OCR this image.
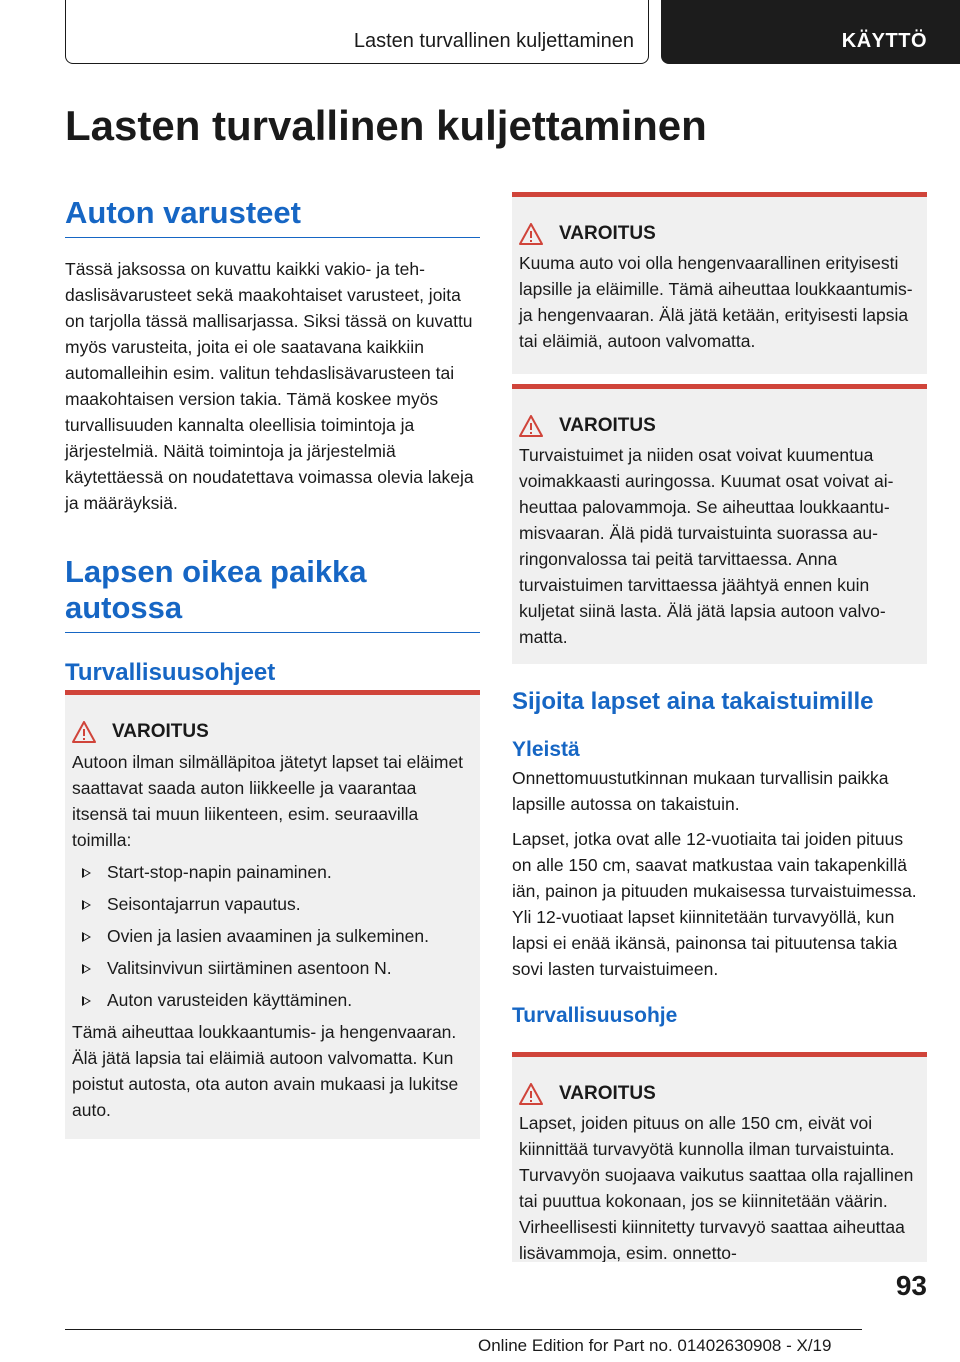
Lasten turvallinen kuljettaminen	KÄYTTÖ
Lasten turvallinen kuljettaminen
Auton varusteet

Tässä jaksossa on kuvattu kaikki vakio- ja tehdaslisävarusteet sekä maakohtaiset varusteet, joita on tarjolla tässä mallisarjassa. Siksi tässä on kuvattu myös varusteita, joita ei ole saatavana kaikkiin automalleihin esim. valitun tehdaslisävarusteen tai maakohtaisen version takia. Tämä koskee myös turvallisuuden kannalta oleellisia toimintoja ja järjestelmiä. Näitä toimintoja ja järjestelmiä käytettäessä on noudatettava voimassa olevia lakeja ja määräyksiä.

Lapsen oikea paikka autossa
Turvallisuusohjeet
VAROITUS

Autoon ilman silmälläpitoa jätetyt lapset tai eläimet saattavat saada auton liikkeelle ja vaarantaa itsensä tai muun liikenteen, esim. seuraavilla toimilla:

Start-stop-napin painaminen.
Seisontajarrun vapautus.
Ovien ja lasien avaaminen ja sulkeminen.
Valitsinvivun siirtäminen asentoon N.
Auton varusteiden käyttäminen.

Tämä aiheuttaa loukkaantumis- ja hengenvaaran. Älä jätä lapsia tai eläimiä autoon valvomatta. Kun poistut autosta, ota auton avain mukaasi ja lukitse auto.

VAROITUS

Kuuma auto voi olla hengenvaarallinen erityisesti lapsille ja eläimille. Tämä aiheuttaa loukkaantumis- ja hengenvaaran. Älä jätä ketään, erityisesti lapsia tai eläimiä, autoon valvomatta.

VAROITUS

Turvaistuimet ja niiden osat voivat kuumentua voimakkaasti auringossa. Kuumat osat voivat aiheuttaa palovammoja. Se aiheuttaa loukkaantumisvaaran. Älä pidä turvaistuinta suorassa auringonvalossa tai peitä tarvittaessa. Anna turvaistuimen tarvittaessa jäähtyä ennen kuin kuljetat siinä lasta. Älä jätä lapsia autoon valvomatta.

Sijoita lapset aina takaistuimille
Yleistä

Onnettomuustutkinnan mukaan turvallisin paikka lapsille autossa on takaistuin.

Lapset, jotka ovat alle 12-vuotiaita tai joiden pituus on alle 150 cm, saavat matkustaa vain takapenkillä iän, painon ja pituuden mukaisessa turvaistuimessa. Yli 12-vuotiaat lapset kiinnitetään turvavyöllä, kun lapsi ei enää ikänsä, painonsa tai pituutensa takia sovi lasten turvaistuimeen.

Turvallisuusohje
VAROITUS

Lapset, joiden pituus on alle 150 cm, eivät voi kiinnittää turvavyötä kunnolla ilman turvaistuinta. Turvavyön suojaava vaikutus saattaa olla rajallinen tai puuttua kokonaan, jos se kiinnitetään väärin. Virheellisesti kiinnitetty turvavyö saattaa aiheuttaa lisävammoja, esim. onnetto-

93
Online Edition for Part no. 01402630908 - X/19
